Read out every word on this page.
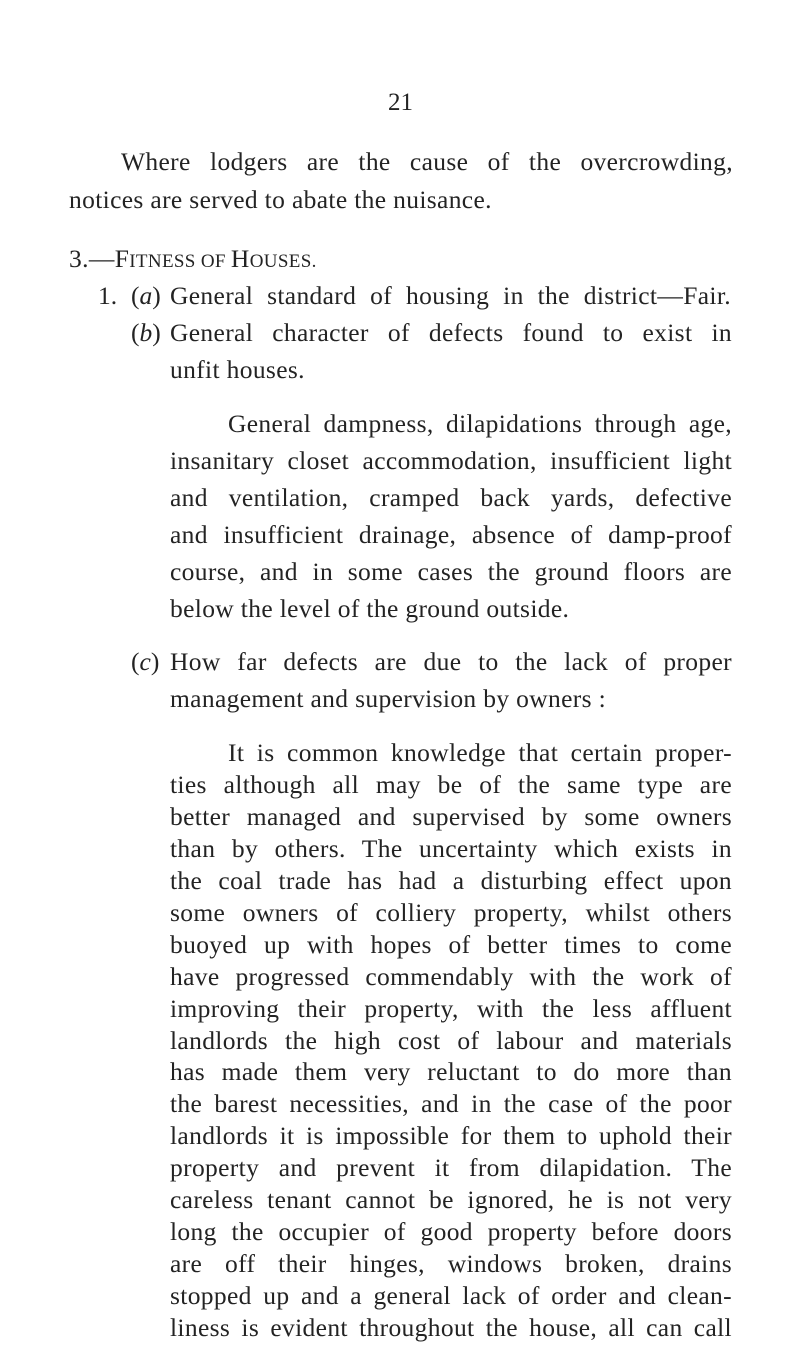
21
Where lodgers are the cause of the overcrowding,
notices are served to abate the nuisance.
3.—FITNESS OF HOUSES.
1. (a) General standard of housing in the district—Fair.
(b) General character of defects found to exist in
unfit houses.
General dampness, dilapidations through age,
insanitary closet accommodation, insufficient light
and ventilation, cramped back yards, defective
and insufficient drainage, absence of damp-proof
course, and in some cases the ground floors are
below the level of the ground outside.
(c) How far defects are due to the lack of proper
management and supervision by owners :
It is common knowledge that certain proper-
ties although all may be of the same type are
better managed and supervised by some owners
than by others. The uncertainty which exists in
the coal trade has had a disturbing effect upon
some owners of colliery property, whilst others
buoyed up with hopes of better times to come
have progressed commendably with the work of
improving their property, with the less affluent
landlords the high cost of labour and materials
has made them very reluctant to do more than
the barest necessities, and in the case of the poor
landlords it is impossible for them to uphold their
property and prevent it from dilapidation. The
careless tenant cannot be ignored, he is not very
long the occupier of good property before doors
are off their hinges, windows broken, drains
stopped up and a general lack of order and clean-
liness is evident throughout the house, all can call
